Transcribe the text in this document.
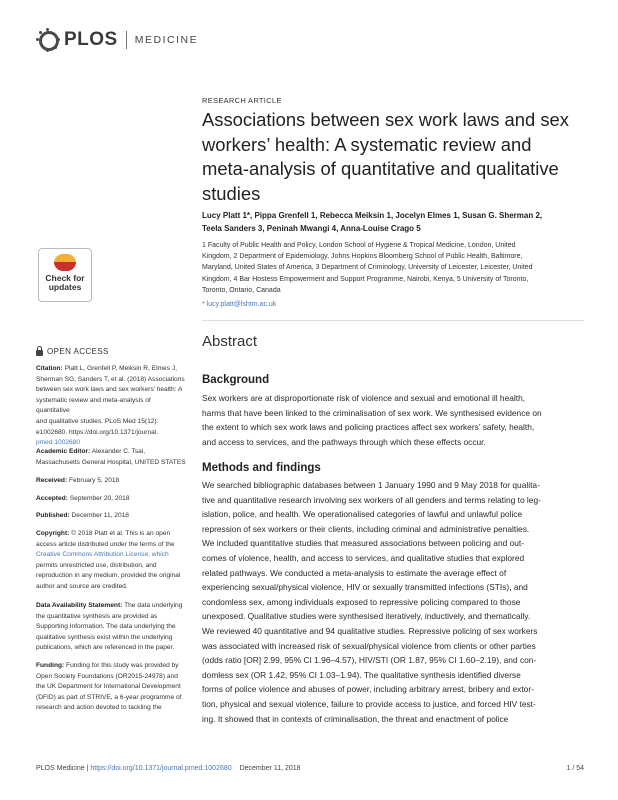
PLOS MEDICINE
Check for
updates
OPEN ACCESS
Citation: Platt L, Grenfell P, Meiksin R, Elmes J,
Sherman SG, Sanders T, et al. (2018) Associations
between sex work laws and sex workers’ health: A
systematic review and meta-analysis of quantitative
and qualitative studies. PLoS Med 15(12):
e1002680. https://doi.org/10.1371/journal.
pmed.1002680
Academic Editor: Alexander C. Tsai,
Massachusetts General Hospital, UNITED STATES
Received: February 5, 2018
Accepted: September 20, 2018
Published: December 11, 2018
Copyright: © 2018 Platt et al. This is an open
access article distributed under the terms of the
Creative Commons Attribution License, which
permits unrestricted use, distribution, and
reproduction in any medium, provided the original
author and source are credited.
Data Availability Statement: The data underlying
the quantitative synthesis are provided as
Supporting Information. The data underlying the
qualitative synthesis exist within the underlying
publications, which are referenced in the paper.
Funding: Funding for this study was provided by
Open Society Foundations (OR2015-24978) and
the UK Department for International Development
(DFID) as part of STRIVE, a 6-year programme of
research and action devoted to tackling the
RESEARCH ARTICLE
Associations between sex work laws and sex
workers’ health: A systematic review and
meta-analysis of quantitative and qualitative
studies
Lucy Platt 1*, Pippa Grenfell 1, Rebecca Meiksin 1, Jocelyn Elmes 1, Susan G. Sherman 2,
Teela Sanders 3, Peninah Mwangi 4, Anna-Louise Crago 5
1 Faculty of Public Health and Policy, London School of Hygiene & Tropical Medicine, London, United
Kingdom, 2 Department of Epidemiology, Johns Hopkins Bloomberg School of Public Health, Baltimore,
Maryland, United States of America, 3 Department of Criminology, University of Leicester, Leicester, United
Kingdom, 4 Bar Hostess Empowerment and Support Programme, Nairobi, Kenya, 5 University of Toronto,
Toronto, Ontario, Canada
* lucy.platt@lshtm.ac.uk
Abstract
Background
Sex workers are at disproportionate risk of violence and sexual and emotional ill health,
harms that have been linked to the criminalisation of sex work. We synthesised evidence on
the extent to which sex work laws and policing practices affect sex workers’ safety, health,
and access to services, and the pathways through which these effects occur.
Methods and findings
We searched bibliographic databases between 1 January 1990 and 9 May 2018 for qualita-
tive and quantitative research involving sex workers of all genders and terms relating to leg-
islation, police, and health. We operationalised categories of lawful and unlawful police
repression of sex workers or their clients, including criminal and administrative penalties.
We included quantitative studies that measured associations between policing and out-
comes of violence, health, and access to services, and qualitative studies that explored
related pathways. We conducted a meta-analysis to estimate the average effect of
experiencing sexual/physical violence, HIV or sexually transmitted infections (STIs), and
condomless sex, among individuals exposed to repressive policing compared to those
unexposed. Qualitative studies were synthesised iteratively, inductively, and thematically.
We reviewed 40 quantitative and 94 qualitative studies. Repressive policing of sex workers
was associated with increased risk of sexual/physical violence from clients or other parties
(odds ratio [OR] 2.99, 95% CI 1.96–4.57), HIV/STI (OR 1.87, 95% CI 1.60–2.19), and con-
domless sex (OR 1.42, 95% CI 1.03–1.94). The qualitative synthesis identified diverse
forms of police violence and abuses of power, including arbitrary arrest, bribery and extor-
tion, physical and sexual violence, failure to provide access to justice, and forced HIV test-
ing. It showed that in contexts of criminalisation, the threat and enactment of police
PLOS Medicine | https://doi.org/10.1371/journal.pmed.1002680 December 11, 2018	1 / 54
